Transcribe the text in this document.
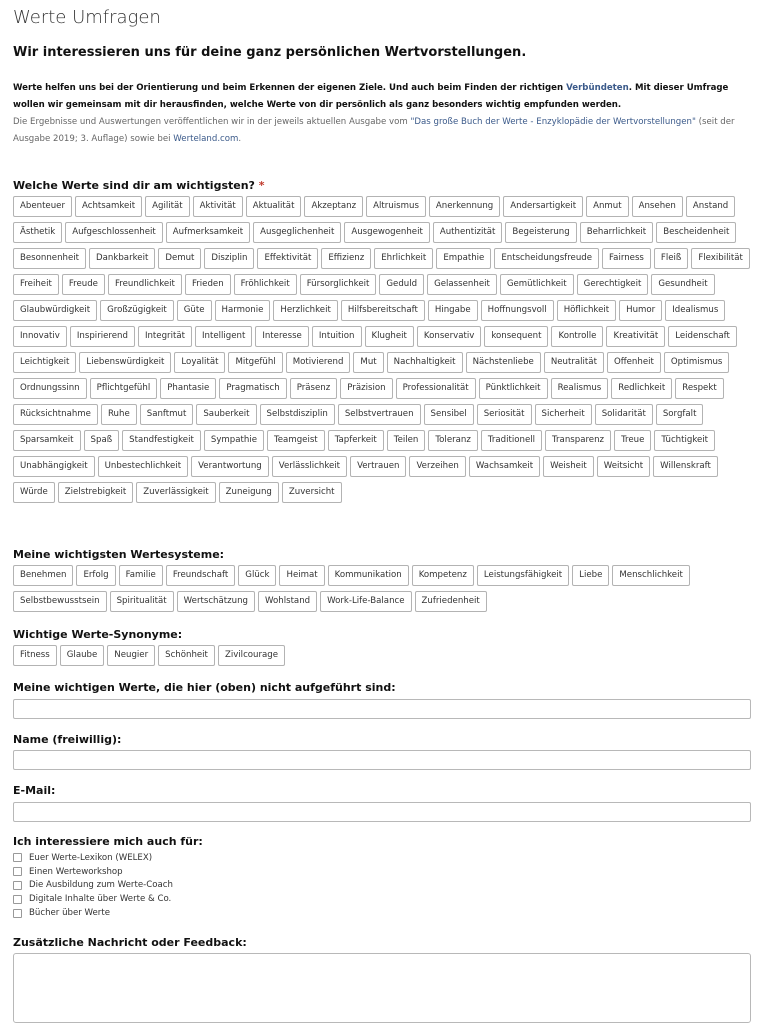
Werte Umfragen
Wir interessieren uns für deine ganz persönlichen Wertvorstellungen.
Werte helfen uns bei der Orientierung und beim Erkennen der eigenen Ziele. Und auch beim Finden der richtigen Verbündeten. Mit dieser Umfrage wollen wir gemeinsam mit dir herausfinden, welche Werte von dir persönlich als ganz besonders wichtig empfunden werden.
Die Ergebnisse und Auswertungen veröffentlichen wir in der jeweils aktuellen Ausgabe vom "Das große Buch der Werte - Enzyklopädie der Wertvorstellungen" (seit der Ausgabe 2019; 3. Auflage) sowie bei Werteland.com.
Welche Werte sind dir am wichtigsten? *
Abenteuer	Achtsamkeit	Agilität	Aktivität	Aktualität	Akzeptanz	Altruismus	Anerkennung	Andersartigkeit	Anmut	Ansehen	Anstand
Ästhetik	Aufgeschlossenheit	Aufmerksamkeit	Ausgeglichenheit	Ausgewogenheit	Authentizität	Begeisterung	Beharrlichkeit	Bescheidenheit
Besonnenheit	Dankbarkeit	Demut	Disziplin	Effektivität	Effizienz	Ehrlichkeit	Empathie	Entscheidungsfreude	Fairness	Fleiß	Flexibilität
Freiheit	Freude	Freundlichkeit	Frieden	Fröhlichkeit	Fürsorglichkeit	Geduld	Gelassenheit	Gemütlichkeit	Gerechtigkeit	Gesundheit
Glaubwürdigkeit	Großzügigkeit	Güte	Harmonie	Herzlichkeit	Hilfsbereitschaft	Hingabe	Hoffnungsvoll	Höflichkeit	Humor	Idealismus
Innovativ	Inspirierend	Integrität	Intelligent	Interesse	Intuition	Klugheit	Konservativ	konsequent	Kontrolle	Kreativität	Leidenschaft
Leichtigkeit	Liebenswürdigkeit	Loyalität	Mitgefühl	Motivierend	Mut	Nachhaltigkeit	Nächstenliebe	Neutralität	Offenheit	Optimismus
Ordnungssinn	Pflichtgefühl	Phantasie	Pragmatisch	Präsenz	Präzision	Professionalität	Pünktlichkeit	Realismus	Redlichkeit	Respekt
Rücksichtnahme	Ruhe	Sanftmut	Sauberkeit	Selbstdisziplin	Selbstvertrauen	Sensibel	Seriosität	Sicherheit	Solidarität	Sorgfalt
Sparsamkeit	Spaß	Standfestigkeit	Sympathie	Teamgeist	Tapferkeit	Teilen	Toleranz	Traditionell	Transparenz	Treue	Tüchtigkeit
Unabhängigkeit	Unbestechlichkeit	Verantwortung	Verlässlichkeit	Vertrauen	Verzeihen	Wachsamkeit	Weisheit	Weitsicht	Willenskraft
Würde	Zielstrebigkeit	Zuverlässigkeit	Zuneigung	Zuversicht
Meine wichtigsten Wertesysteme:
Benehmen	Erfolg	Familie	Freundschaft	Glück	Heimat	Kommunikation	Kompetenz	Leistungsfähigkeit	Liebe	Menschlichkeit
Selbstbewusstsein	Spiritualität	Wertschätzung	Wohlstand	Work-Life-Balance	Zufriedenheit
Wichtige Werte-Synonyme:
Fitness	Glaube	Neugier	Schönheit	Zivilcourage
Meine wichtigen Werte, die hier (oben) nicht aufgeführt sind:
Name (freiwillig):
E-Mail:
Ich interessiere mich auch für:
Euer Werte-Lexikon (WELEX)
Einen Werteworkshop
Die Ausbildung zum Werte-Coach
Digitale Inhalte über Werte & Co.
Bücher über Werte
Zusätzliche Nachricht oder Feedback:
